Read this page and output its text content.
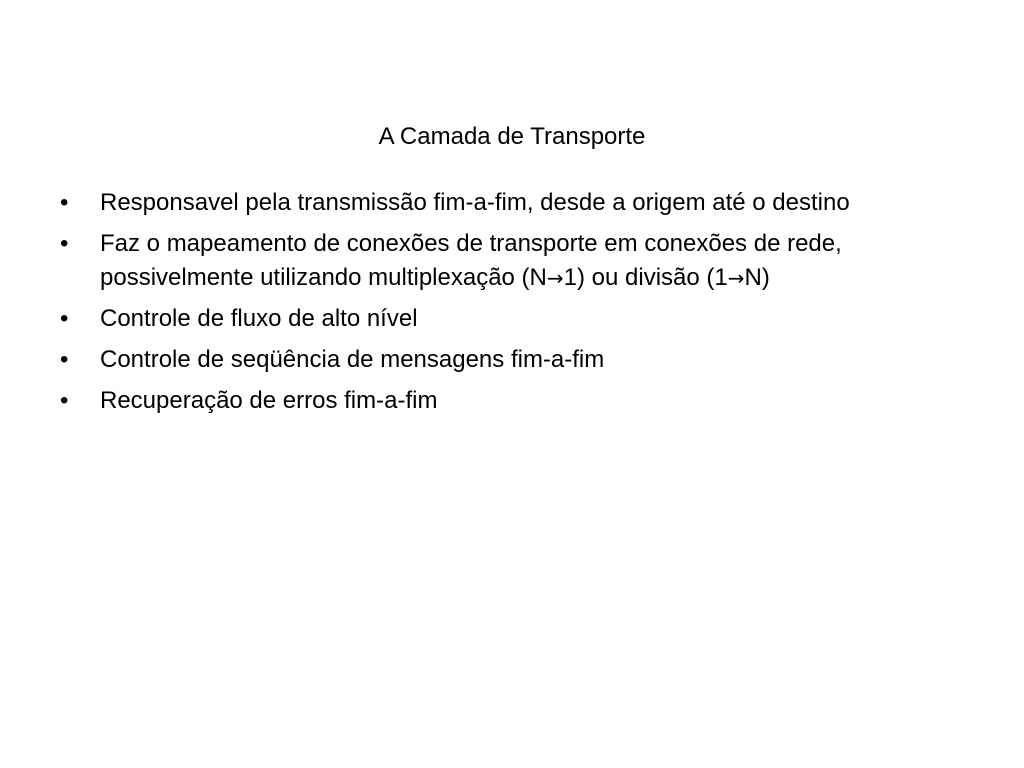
A Camada de Transporte
• Responsavel pela transmissão fim-a-fim, desde a origem até o destino
• Faz o mapeamento de conexões de transporte em conexões de rede, possivelmente utilizando multiplexação (N→1) ou divisão (1→N)
• Controle de fluxo de alto nível
• Controle de seqüência de mensagens fim-a-fim
• Recuperação de erros fim-a-fim
